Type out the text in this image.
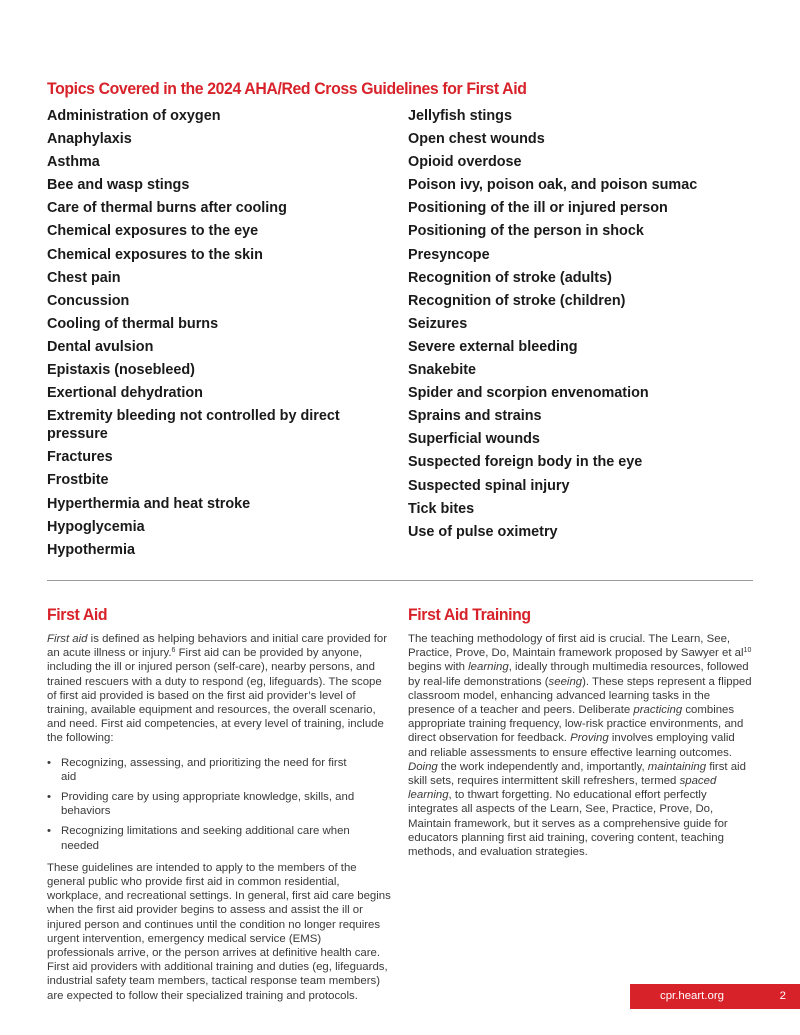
Topics Covered in the 2024 AHA/Red Cross Guidelines for First Aid
Administration of oxygen
Anaphylaxis
Asthma
Bee and wasp stings
Care of thermal burns after cooling
Chemical exposures to the eye
Chemical exposures to the skin
Chest pain
Concussion
Cooling of thermal burns
Dental avulsion
Epistaxis (nosebleed)
Exertional dehydration
Extremity bleeding not controlled by direct pressure
Fractures
Frostbite
Hyperthermia and heat stroke
Hypoglycemia
Hypothermia
Jellyfish stings
Open chest wounds
Opioid overdose
Poison ivy, poison oak, and poison sumac
Positioning of the ill or injured person
Positioning of the person in shock
Presyncope
Recognition of stroke (adults)
Recognition of stroke (children)
Seizures
Severe external bleeding
Snakebite
Spider and scorpion envenomation
Sprains and strains
Superficial wounds
Suspected foreign body in the eye
Suspected spinal injury
Tick bites
Use of pulse oximetry
First Aid

First aid is defined as helping behaviors and initial care provided for an acute illness or injury.$^6$ First aid can be provided by anyone, including the ill or injured person (self-care), nearby persons, and trained rescuers with a duty to respond (eg, lifeguards). The scope of first aid provided is based on the first aid provider’s level of training, available equipment and resources, the overall scenario, and need. First aid competencies, at every level of training, include the following:

• Recognizing, assessing, and prioritizing the need for first aid
• Providing care by using appropriate knowledge, skills, and behaviors
• Recognizing limitations and seeking additional care when needed

These guidelines are intended to apply to the members of the general public who provide first aid in common residential, workplace, and recreational settings. In general, first aid care begins when the first aid provider begins to assess and assist the ill or injured person and continues until the condition no longer requires urgent intervention, emergency medical service (EMS) professionals arrive, or the person arrives at definitive health care. First aid providers with additional training and duties (eg, lifeguards, industrial safety team members, tactical response team members) are expected to follow their specialized training and protocols.

First Aid Training

The teaching methodology of first aid is crucial. The Learn, See, Practice, Prove, Do, Maintain framework proposed by Sawyer et $al^{10}$ begins with learning, ideally through multimedia resources, followed by real-life demonstrations (seeing). These steps represent a flipped classroom model, enhancing advanced learning tasks in the presence of a teacher and peers. Deliberate practicing combines appropriate training frequency, low-risk practice environments, and direct observation for feedback. Proving involves employing valid and reliable assessments to ensure effective learning outcomes. Doing the work independently and, importantly, maintaining first aid skill sets, requires intermittent skill refreshers, termed spaced learning, to thwart forgetting. No educational effort perfectly integrates all aspects of the Learn, See, Practice, Prove, Do, Maintain framework, but it serves as a comprehensive guide for educators planning first aid training, covering content, teaching methods, and evaluation strategies.

cpr.heart.org	2
